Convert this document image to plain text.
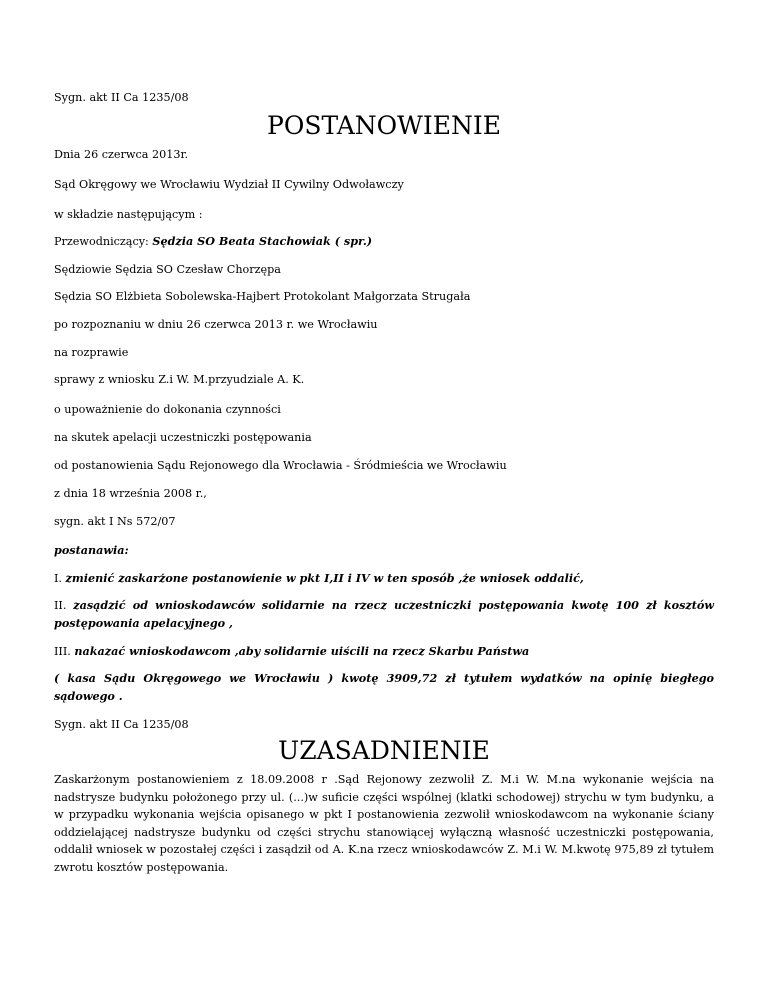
Sygn. akt II Ca 1235/08
POSTANOWIENIE
Dnia 26 czerwca 2013r.
Sąd Okręgowy we Wrocławiu Wydział II Cywilny Odwoławczy
w składzie następującym :
Przewodniczący: Sędzia SO Beata Stachowiak ( spr.)
Sędziowie Sędzia SO Czesław Chorzępa
Sędzia SO Elżbieta Sobolewska-Hajbert Protokolant Małgorzata Strugała
po rozpoznaniu w dniu 26 czerwca 2013 r. we Wrocławiu
na rozprawie
sprawy z wniosku Z.i W. M.przyudziale A. K.
o upoważnienie do dokonania czynności
na skutek apelacji uczestniczki postępowania
od postanowienia Sądu Rejonowego dla Wrocławia - Śródmieścia we Wrocławiu
z dnia 18 września 2008 r.,
sygn. akt I Ns 572/07
postanawia:
I. zmienić zaskarżone postanowienie w pkt I,II i IV w ten sposób ,że wniosek oddalić,

II. zasądzić od wnioskodawców solidarnie na rzecz uczestniczki postępowania kwotę 100 zł kosztów postępowania apelacyjnego ,

III. nakazać wnioskodawcom ,aby solidarnie uiścili na rzecz Skarbu Państwa

( kasa Sądu Okręgowego we Wrocławiu ) kwotę 3909,72 zł tytułem wydatków na opinię biegłego sądowego .

Sygn. akt II Ca 1235/08
UZASADNIENIE

Zaskarżonym postanowieniem z 18.09.2008 r .Sąd Rejonowy zezwolił Z. M.i W. M.na wykonanie wejścia na nadstrysze budynku położonego przy ul. (...)w suficie części wspólnej (klatki schodowej) strychu w tym budynku, a w przypadku wykonania wejścia opisanego w pkt I postanowienia zezwolił wnioskodawcom na wykonanie ściany oddzielającej nadstrysze budynku od części strychu stanowiącej wyłączną własność uczestniczki postępowania, oddalił wniosek w pozostałej części i zasądził od A. K.na rzecz wnioskodawców Z. M.i W. M.kwotę 975,89 zł tytułem zwrotu kosztów postępowania.
